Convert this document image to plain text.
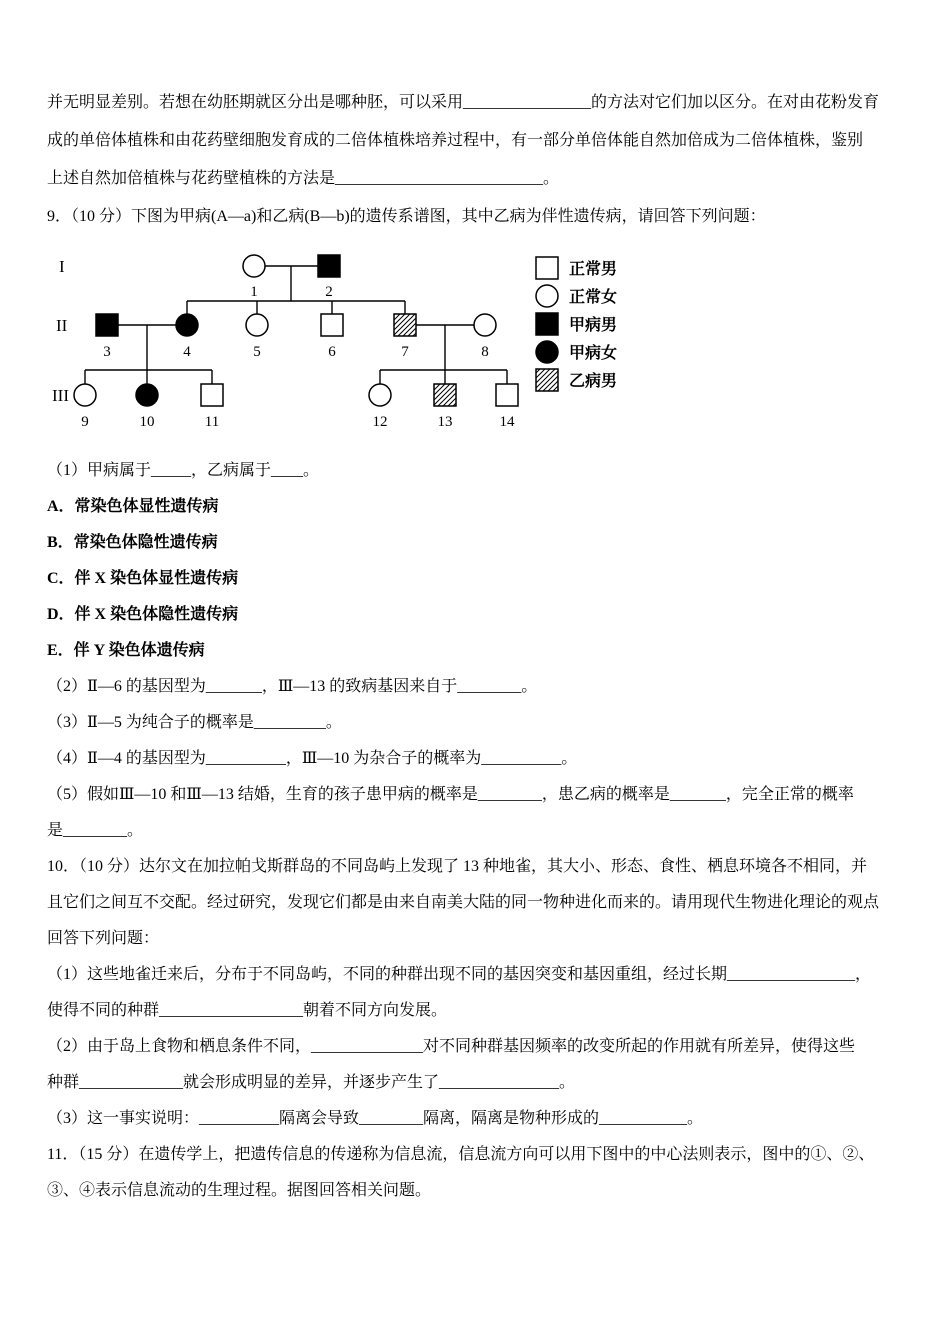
并无明显差别。若想在幼胚期就区分出是哪种胚，可以采用________________的方法对它们加以区分。在对由花粉发育
成的单倍体植株和由花药壁细胞发育成的二倍体植株培养过程中，有一部分单倍体能自然加倍成为二倍体植株，鉴别
上述自然加倍植株与花药壁植株的方法是__________________________。
9．（10 分）下图为甲病(A—a)和乙病(B—b)的遗传系谱图，其中乙病为伴性遗传病，请回答下列问题：
I
II
III
1	2
3	4	5	6	7	8
9	10	11	12	13	14
正常男
正常女
甲病男
甲病女
乙病男
（1）甲病属于_____，乙病属于____。
A．常染色体显性遗传病
B．常染色体隐性遗传病
C．伴 X 染色体显性遗传病
D．伴 X 染色体隐性遗传病
E．伴 Y 染色体遗传病
（2）Ⅱ—6 的基因型为_______，Ⅲ—13 的致病基因来自于________。
（3）Ⅱ—5 为纯合子的概率是_________。
（4）Ⅱ—4 的基因型为__________，Ⅲ—10 为杂合子的概率为__________。
（5）假如Ⅲ—10 和Ⅲ—13 结婚，生育的孩子患甲病的概率是________，患乙病的概率是_______，完全正常的概率
是________。
10．（10 分）达尔文在加拉帕戈斯群岛的不同岛屿上发现了 13 种地雀，其大小、形态、食性、栖息环境各不相同，并
且它们之间互不交配。经过研究，发现它们都是由来自南美大陆的同一物种进化而来的。请用现代生物进化理论的观点
回答下列问题：
（1）这些地雀迁来后，分布于不同岛屿，不同的种群出现不同的基因突变和基因重组，经过长期________________，
使得不同的种群__________________朝着不同方向发展。
（2）由于岛上食物和栖息条件不同，______________对不同种群基因频率的改变所起的作用就有所差异，使得这些
种群_____________就会形成明显的差异，并逐步产生了_______________。
（3）这一事实说明：__________隔离会导致________隔离，隔离是物种形成的___________。
11．（15 分）在遗传学上，把遗传信息的传递称为信息流，信息流方向可以用下图中的中心法则表示，图中的①、②、
③、④表示信息流动的生理过程。据图回答相关问题。
